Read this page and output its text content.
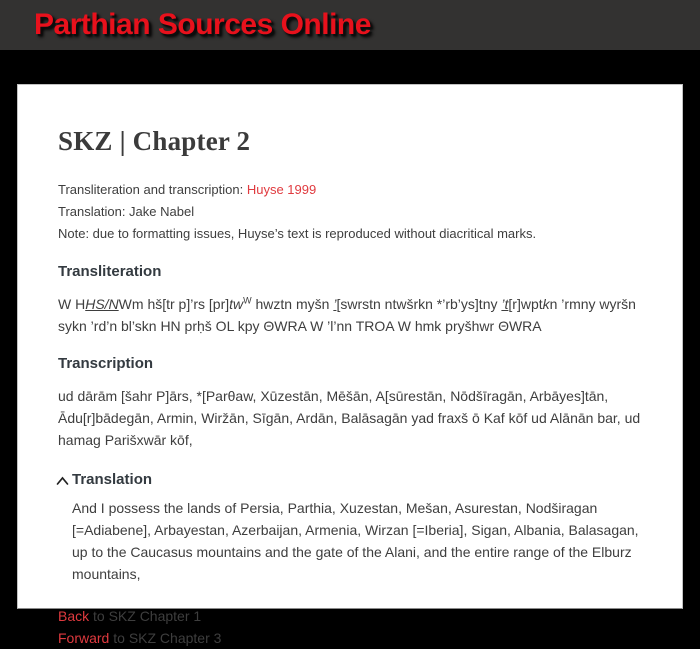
Parthian Sources Online
SKZ | Chapter 2

Transliteration and transcription: Huyse 1999

Translation: Jake Nabel

Note: due to formatting issues, Huyse’s text is reproduced without diacritical marks.

Transliteration

W HHS/NWm hš[tr p]’rs $[pr]tw^W$ hwztn myšn ’[swrstn ntwšrkn *’rb’ys]tny ’t[r]wptkn ’rmny wyršn sykn ’rd’n bl’skn HN prḥš OL kpy ΘWRA W ’l’nn TROA W hmk pryšhwr ΘWRA

Transcription

ud dārām [šahr P]ārs, *[Parθaw, Xūzestān, Mēšān, A[sūrestān, Nōdšīragān, Arbāyes]tān, Ādu[r]bādegān, Armin, Wiržān, Sīgān, Ardān, Balāsagān yad fraxš ō Kaf kōf ud Alānān bar, ud hamag Parišxwār kōf,

Translation

And I possess the lands of Persia, Parthia, Xuzestan, Mešan, Asurestan, Nodširagan [=Adiabene], Arbayestan, Azerbaijan, Armenia, Wirzan [=Iberia], Sigan, Albania, Balasagan, up to the Caucasus mountains and the gate of the Alani, and the entire range of the Elburz mountains,

Back to SKZ Chapter 1

Forward to SKZ Chapter 3
